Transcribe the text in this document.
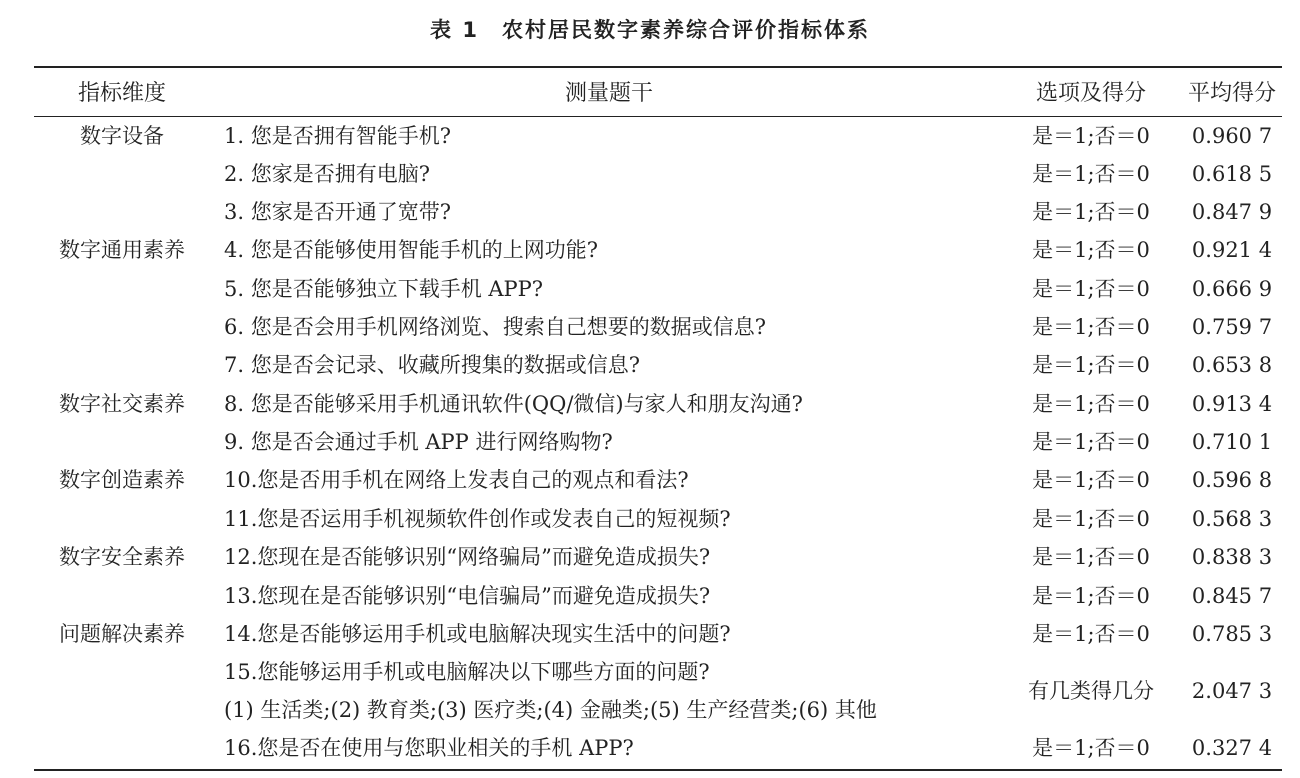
表 1　农村居民数字素养综合评价指标体系
指标维度	测量题干	选项及得分	平均得分
数字设备	1. 您是否拥有智能手机?	是＝1;否＝0	0.960 7
2. 您家是否拥有电脑?	是＝1;否＝0	0.618 5
3. 您家是否开通了宽带?	是＝1;否＝0	0.847 9
数字通用素养	4. 您是否能够使用智能手机的上网功能?	是＝1;否＝0	0.921 4
5. 您是否能够独立下载手机 APP?	是＝1;否＝0	0.666 9
6. 您是否会用手机网络浏览、搜索自己想要的数据或信息?	是＝1;否＝0	0.759 7
7. 您是否会记录、收藏所搜集的数据或信息?	是＝1;否＝0	0.653 8
数字社交素养	8. 您是否能够采用手机通讯软件(QQ/微信)与家人和朋友沟通?	是＝1;否＝0	0.913 4
9. 您是否会通过手机 APP 进行网络购物?	是＝1;否＝0	0.710 1
数字创造素养	10.您是否用手机在网络上发表自己的观点和看法?	是＝1;否＝0	0.596 8
11.您是否运用手机视频软件创作或发表自己的短视频?	是＝1;否＝0	0.568 3
数字安全素养	12.您现在是否能够识别“网络骗局”而避免造成损失?	是＝1;否＝0	0.838 3
13.您现在是否能够识别“电信骗局”而避免造成损失?	是＝1;否＝0	0.845 7
问题解决素养	14.您是否能够运用手机或电脑解决现实生活中的问题?	是＝1;否＝0	0.785 3
15.您能够运用手机或电脑解决以下哪些方面的问题?
(1) 生活类;(2) 教育类;(3) 医疗类;(4) 金融类;(5) 生产经营类;(6) 其他
有几类得几分	2.047 3
16.您是否在使用与您职业相关的手机 APP?	是＝1;否＝0	0.327 4
